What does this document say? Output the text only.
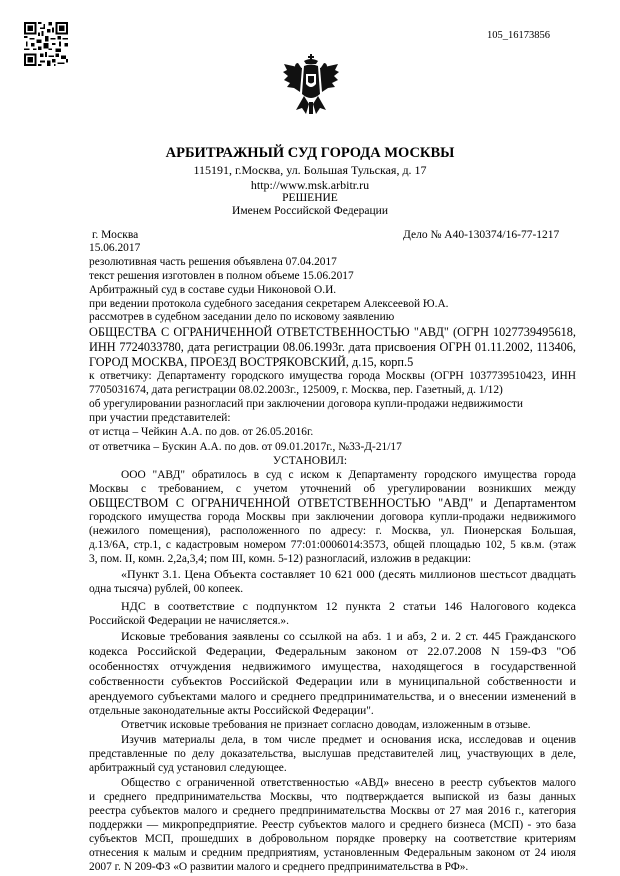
105_16173856
АРБИТРАЖНЫЙ СУД ГОРОДА МОСКВЫ
115191, г.Москва, ул. Большая Тульская, д. 17
http://www.msk.arbitr.ru
РЕШЕНИЕ
Именем Российской Федерации
г. Москва	Дело № А40-130374/16-77-1217
15.06.2017
резолютивная часть решения объявлена 07.04.2017
текст решения изготовлен в полном объеме 15.06.2017
Арбитражный суд в составе судьи Никоновой О.И.
при ведении протокола судебного заседания секретарем Алексеевой Ю.А.
рассмотрев в судебном заседании дело по исковому заявлению
ОБЩЕСТВА С ОГРАНИЧЕННОЙ ОТВЕТСТВЕННОСТЬЮ "АВД" (ОГРН 1027739495618,
ИНН 7724033780, дата регистрации 08.06.1993г. дата присвоения ОГРН 01.11.2002, 113406,
ГОРОД МОСКВА, ПРОЕЗД ВОСТРЯКОВСКИЙ, д.15, корп.5
к ответчику: Департаменту городского имущества города Москвы (ОГРН 1037739510423, ИНН
7705031674, дата регистрации 08.02.2003г., 125009, г. Москва, пер. Газетный, д. 1/12)
об урегулировании разногласий при заключении договора купли-продажи недвижимости
при участии представителей:
от истца – Чейкин А.А. по дов. от 26.05.2016г.
от ответчика – Бускин А.А. по дов. от 09.01.2017г., №33-Д-21/17
УСТАНОВИЛ:
ООО "АВД" обратилось в суд с иском к Департаменту городского имущества города
Москвы с требованием, с учетом уточнений об урегулировании возникших между
ОБЩЕСТВОМ С ОГРАНИЧЕННОЙ ОТВЕТСТВЕННОСТЬЮ "АВД" и Департаментом
городского имущества города Москвы при заключении договора купли-продажи недвижимого
(нежилого помещения), расположенного по адресу: г. Москва, ул. Пионерская Большая,
д.13/6А, стр.1, с кадастровым номером 77:01:0006014:3573, общей площадью 102, 5 кв.м. (этаж
3, пом. II, комн. 2,2а,3,4; пом III, комн. 5-12) разногласий, изложив в редакции:
«Пункт 3.1. Цена Объекта составляет 10 621 000 (десять миллионов шестьсот двадцать
одна тысяча) рублей, 00 копеек.
НДС в соответствие с подпунктом 12 пункта 2 статьи 146 Налогового кодекса
Российской Федерации не начисляется.».
Исковые требования заявлены со ссылкой на абз. 1 и абз, 2 и. 2 ст. 445 Гражданского
кодекса Российской Федерации, Федеральным законом от 22.07.2008 N 159-ФЗ "Об
особенностях отчуждения недвижимого имущества, находящегося в государственной
собственности субъектов Российской Федерации или в муниципальной собственности и
арендуемого субъектами малого и среднего предпринимательства, и о внесении изменений в
отдельные законодательные акты Российской Федерации".
Ответчик исковые требования не признает согласно доводам, изложенным в отзыве.
Изучив материалы дела, в том числе предмет и основания иска, исследовав и оценив
представленные по делу доказательства, выслушав представителей лиц, участвующих в деле,
арбитражный суд установил следующее.
Общество с ограниченной ответственностью «АВД» внесено в реестр субъектов малого
и среднего предпринимательства Москвы, что подтверждается выпиской из базы данных
реестра субъектов малого и среднего предпринимательства Москвы от 27 мая 2016 г., категория
поддержки — микропредприятие. Реестр субъектов малого и среднего бизнеса (МСП) - это база
субъектов МСП, прошедших в добровольном порядке проверку на соответствие критериям
отнесения к малым и средним предприятиям, установленным Федеральным законом от 24 июля
2007 г. N 209-ФЗ «О развитии малого и среднего предпринимательства в РФ».
